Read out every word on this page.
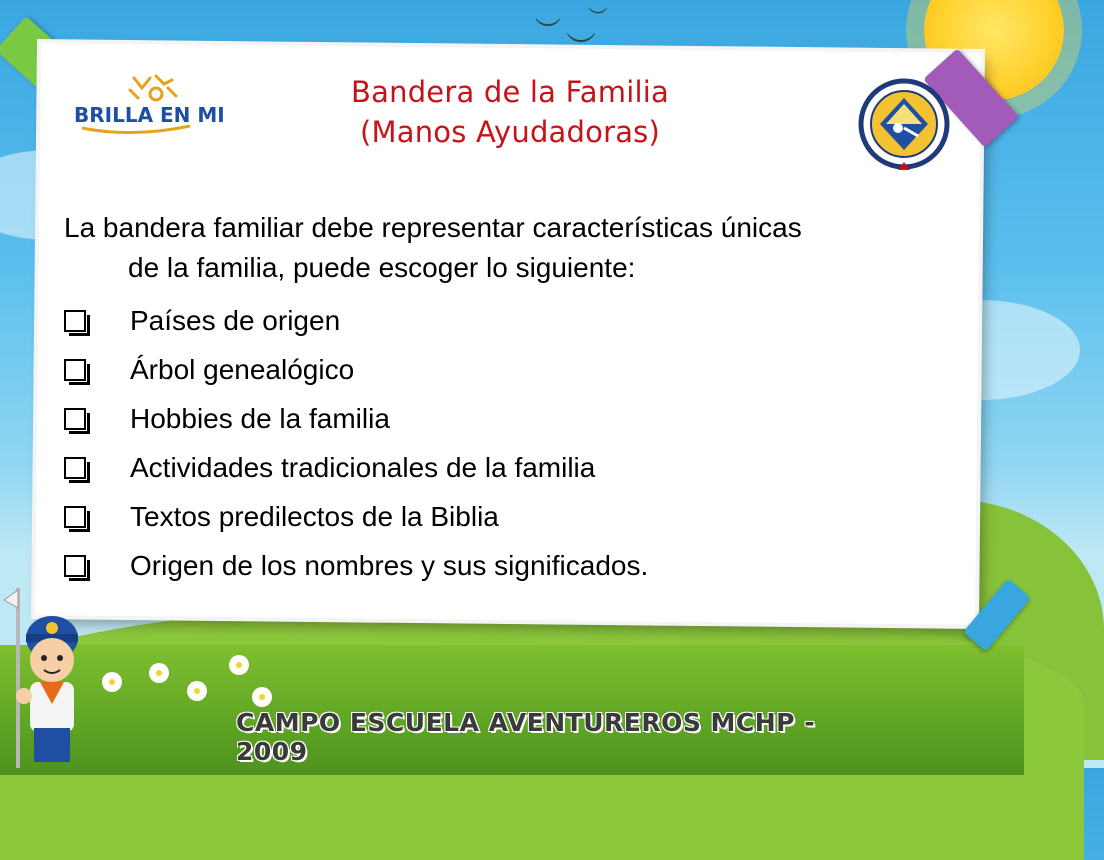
︶ ︶
BRILLA EN MI
Bandera de la Familia
(Manos Ayudadoras)
La bandera familiar debe representar características únicas
de la familia, puede escoger lo siguiente:
Países de origen
Árbol genealógico
Hobbies de la familia
Actividades tradicionales de la familia
Textos predilectos de la Biblia
Origen de los nombres y sus significados.
CAMPO ESCUELA AVENTUREROS MCHP - 2009
